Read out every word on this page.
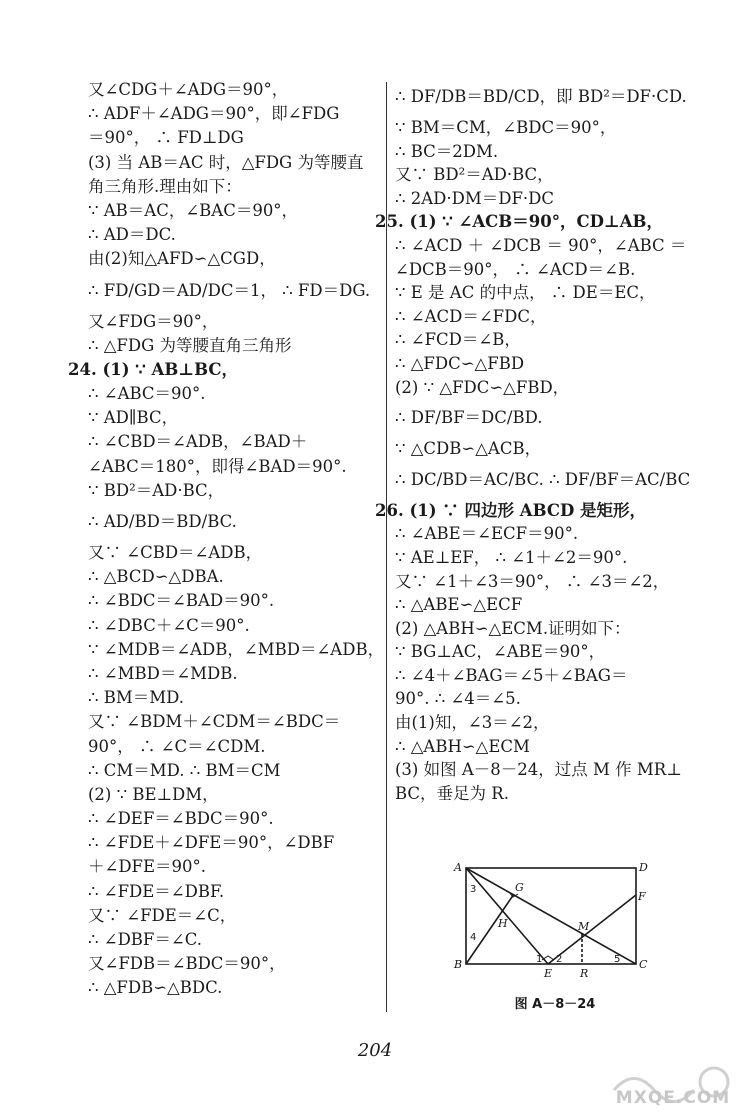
又∠CDG＋∠ADG＝90°，
∴ ADF＋∠ADG＝90°，即∠FDG
＝90°， ∴ FD⊥DG
(3) 当 AB＝AC 时，△FDG 为等腰直
角三角形.理由如下：
∵ AB＝AC，∠BAC＝90°，
∴ AD＝DC.
由(2)知△AFD∽△CGD，
∴ FD/GD＝AD/DC＝1， ∴ FD＝DG.
又∠FDG＝90°，
∴ △FDG 为等腰直角三角形
24. (1) ∵ AB⊥BC，
∴ ∠ABC＝90°.
∵ AD∥BC，
∴ ∠CBD＝∠ADB，∠BAD＋
∠ABC＝180°，即得∠BAD＝90°.
∵ BD²＝AD·BC，
∴ AD/BD＝BD/BC.
又∵ ∠CBD＝∠ADB，
∴ △BCD∽△DBA.
∴ ∠BDC＝∠BAD＝90°.
∴ ∠DBC＋∠C＝90°.
∵ ∠MDB＝∠ADB，∠MBD＝∠ADB，
∴ ∠MBD＝∠MDB.
∴ BM＝MD.
又∵ ∠BDM＋∠CDM＝∠BDC＝
90°， ∴ ∠C＝∠CDM.
∴ CM＝MD. ∴ BM＝CM
(2) ∵ BE⊥DM，
∴ ∠DEF＝∠BDC＝90°.
∴ ∠FDE＋∠DFE＝90°，∠DBF
＋∠DFE＝90°.
∴ ∠FDE＝∠DBF.
又∵ ∠FDE＝∠C，
∴ ∠DBF＝∠C.
又∠FDB＝∠BDC＝90°，
∴ △FDB∽△BDC.
∴ DF/DB＝BD/CD，即 BD²＝DF·CD.
∵ BM＝CM，∠BDC＝90°，
∴ BC＝2DM.
又∵ BD²＝AD·BC，
∴ 2AD·DM＝DF·DC
25. (1) ∵ ∠ACB＝90°，CD⊥AB，
∴ ∠ACD ＋ ∠DCB ＝ 90°，∠ABC ＝
∠DCB＝90°， ∴ ∠ACD＝∠B.
∵ E 是 AC 的中点， ∴ DE＝EC，
∴ ∠ACD＝∠FDC，
∴ ∠FCD＝∠B，
∴ △FDC∽△FBD
(2) ∵ △FDC∽△FBD，
∴ DF/BF＝DC/BD.
∵ △CDB∽△ACB，
∴ DC/BD＝AC/BC. ∴ DF/BF＝AC/BC
26. (1) ∵ 四边形 ABCD 是矩形，
∴ ∠ABE＝∠ECF＝90°.
∵ AE⊥EF， ∴ ∠1＋∠2＝90°.
又∵ ∠1＋∠3＝90°， ∴ ∠3＝∠2，
∴ △ABE∽△ECF
(2) △ABH∽△ECM.证明如下：
∵ BG⊥AC，∠ABE＝90°，
∴ ∠4＋∠BAG＝∠5＋∠BAG＝
90°. ∴ ∠4＝∠5.
由(1)知，∠3＝∠2，
∴ △ABH∽△ECM
(3) 如图 A－8－24，过点 M 作 MR⊥
BC，垂足为 R.
A
B	C
D
E
F
G
H	M
R
1 2
3
4
5
图 A－8－24
204
MXQE.COM
